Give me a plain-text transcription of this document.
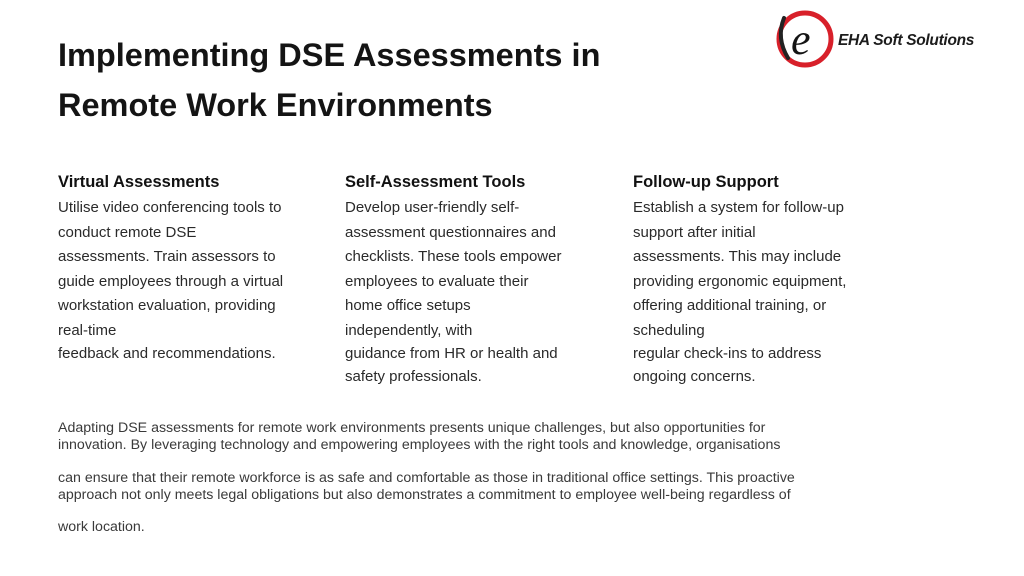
Implementing DSE Assessments in
Remote Work Environments
e EHA Soft Solutions
Virtual Assessments
Utilise video conferencing tools to
conduct remote DSE
assessments. Train assessors to
guide employees through a virtual
workstation evaluation, providing
real-time
feedback and recommendations.
Self-Assessment Tools
Develop user-friendly self-
assessment questionnaires and
checklists. These tools empower
employees to evaluate their
home office setups
independently, with
guidance from HR or health and
safety professionals.
Follow-up Support
Establish a system for follow-up
support after initial
assessments. This may include
providing ergonomic equipment,
offering additional training, or
scheduling
regular check-ins to address
ongoing concerns.

Adapting DSE assessments for remote work environments presents unique challenges, but also opportunities for
innovation. By leveraging technology and empowering employees with the right tools and knowledge, organisations

can ensure that their remote workforce is as safe and comfortable as those in traditional office settings. This proactive
approach not only meets legal obligations but also demonstrates a commitment to employee well-being regardless of

work location.
